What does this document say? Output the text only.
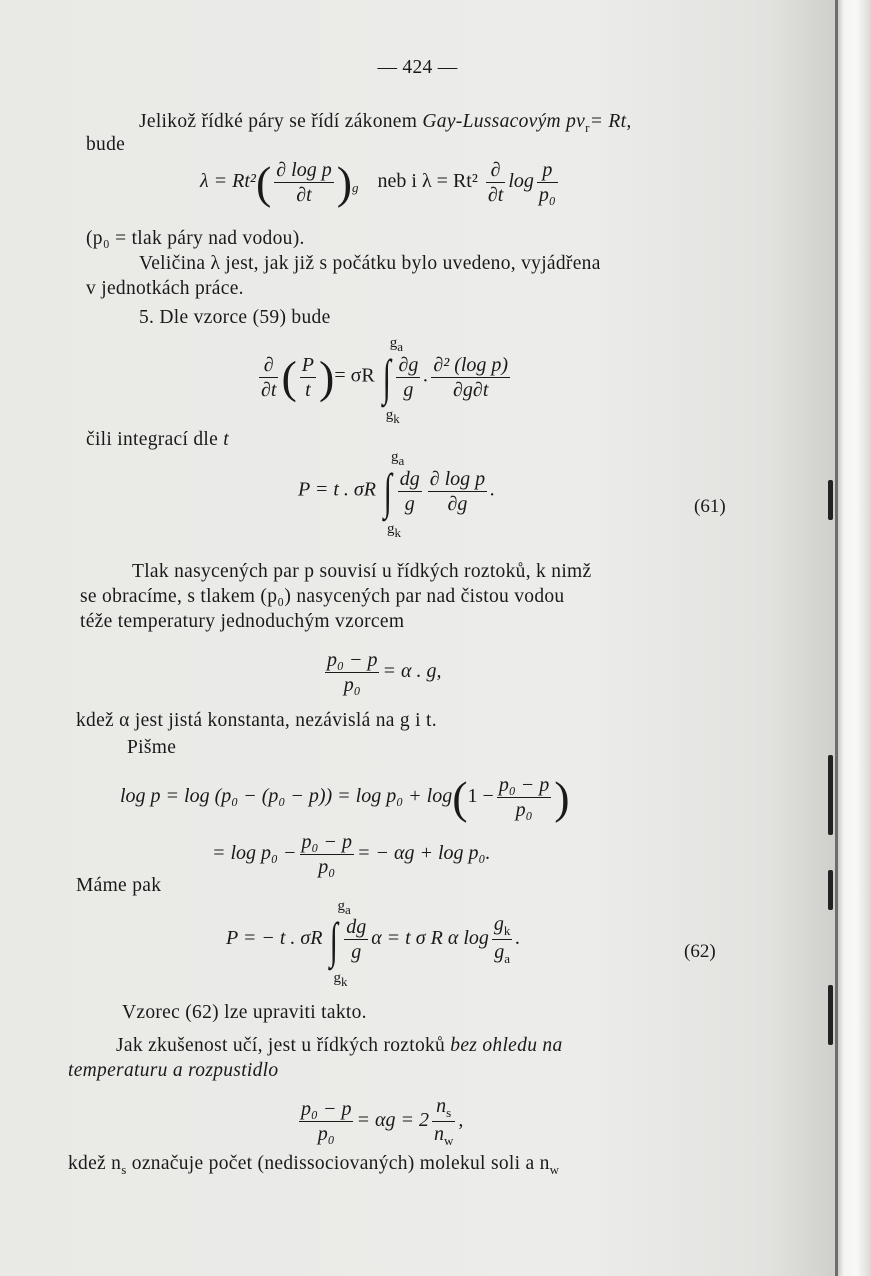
— 424 —
Jelikož řídké páry se řídí zákonem Gay-Lussacovým $pv_r= Rt$,
bude
$\lambda = Rt^2( \frac{\text{∂ log p}}{\partial t} )_g$ neb i $\lambda = Rt^2 \frac{\partial}{\partial t}$ $\log \frac{p}{\text{p₀}}$
(p₀ = tlak páry nad vodou).
Veličina λ jest, jak již s počátku bylo uvedeno, vyjádřena
v jednotkách práce.
5. Dle vzorce (59) bude
$\frac{\partial}{\partial t}$ ( $\frac{P}{t}$ )= σR
$g_a$
∫
$g_k$
$\frac{\partial g}{g}$ . $\frac{\text{∂² (log p)}}{\partial g\partial t}$
čili integrací dle t
P = t . σR
$g_a$
∫
$g_k$
$\frac{dg}{g} \frac{\text{∂ log p}}{\partial g}$ .
(61)
Tlak nasycených par p souvisí u řídkých roztoků, k nimž
se obracíme, s tlakem (p₀) nasycených par nad čistou vodou
téže temperatury jednoduchým vzorcem
$\frac{\text{p₀ − p}}{\text{p₀}} = \alpha$ . g,
kdež α jest jistá konstanta, nezávislá na g i t.
Pišme
$\log p = \log (p_0 - (p_0 - p)) = \log p_0 + \log(1 - \frac{\text{p₀ − p}}{\text{p₀}}$ )
= $\log p_0 - \frac{\text{p₀ − p}}{\text{p₀}}$ = − αg + log p₀.
Máme pak
P = − t . σR
$g_a$
∫
$g_k$
$\frac{dg}{g}$ α = t σ R α $\log \frac{g_k}{g_a}$ .
(62)
Vzorec (62) lze upraviti takto.
Jak zkušenost učí, jest u řídkých roztoků bez ohledu na
temperaturu a rozpustidlo
$\frac{\text{p₀ − p}}{\text{p₀}} = \alpha g = 2 \frac{n_s}{n_w}$ ,
kdež $n_s$ označuje počet (nedissociovaných) molekul soli a $n_w$
